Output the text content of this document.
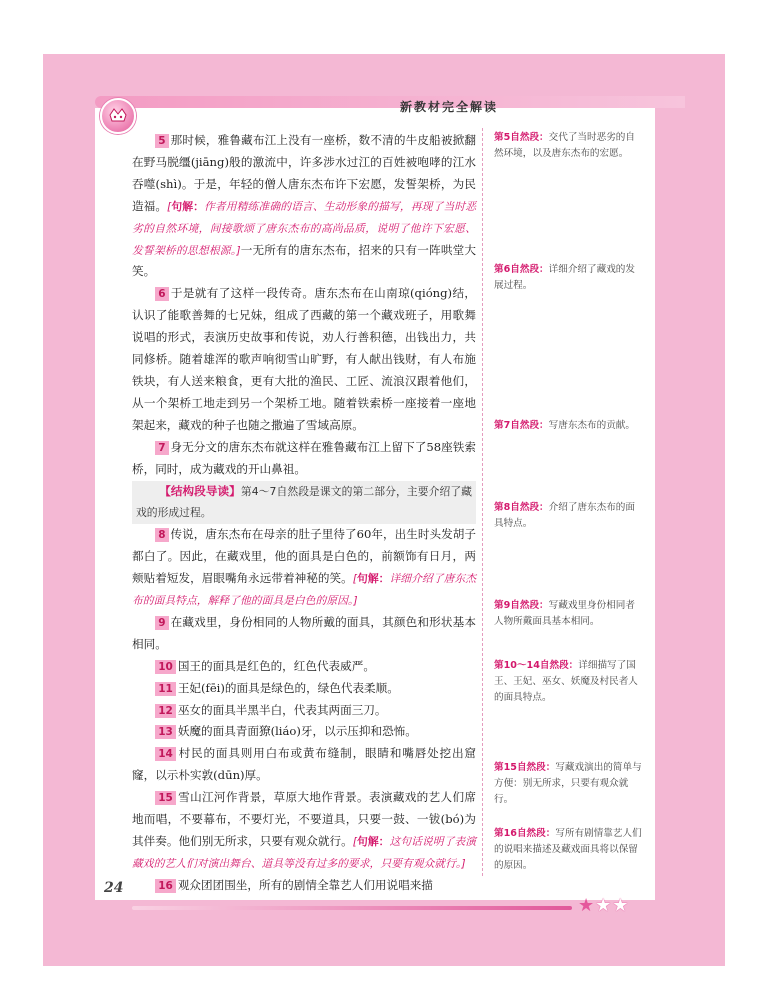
新教材完全解读

5 那时候，雅鲁藏布江上没有一座桥，数不清的牛皮船被掀翻在野马脱缰(jiāng)般的激流中，许多涉水过江的百姓被咆哮的江水吞噬(shì)。于是，年轻的僧人唐东杰布许下宏愿，发誓架桥，为民造福。[句解：作者用精练准确的语言、生动形象的描写，再现了当时恶劣的自然环境，间接歌颂了唐东杰布的高尚品质，说明了他许下宏愿、发誓架桥的思想根源。]一无所有的唐东杰布，招来的只有一阵哄堂大笑。

6 于是就有了这样一段传奇。唐东杰布在山南琼(qióng)结，认识了能歌善舞的七兄妹，组成了西藏的第一个藏戏班子，用歌舞说唱的形式，表演历史故事和传说，劝人行善积德，出钱出力，共同修桥。随着雄浑的歌声响彻雪山旷野，有人献出钱财，有人布施铁块，有人送来粮食，更有大批的渔民、工匠、流浪汉跟着他们，从一个架桥工地走到另一个架桥工地。随着铁索桥一座接着一座地架起来，藏戏的种子也随之撒遍了雪域高原。

7 身无分文的唐东杰布就这样在雅鲁藏布江上留下了58座铁索桥，同时，成为藏戏的开山鼻祖。

【结构段导读】第4～7自然段是课文的第二部分，主要介绍了藏戏的形成过程。

8 传说，唐东杰布在母亲的肚子里待了60年，出生时头发胡子都白了。因此，在藏戏里，他的面具是白色的，前额饰有日月，两颊贴着短发，眉眼嘴角永远带着神秘的笑。[句解：详细介绍了唐东杰布的面具特点，解释了他的面具是白色的原因。]

9 在藏戏里，身份相同的人物所戴的面具，其颜色和形状基本相同。

10 国王的面具是红色的，红色代表威严。

11 王妃(fēi)的面具是绿色的，绿色代表柔顺。

12 巫女的面具半黑半白，代表其两面三刀。

13 妖魔的面具青面獠(liáo)牙，以示压抑和恐怖。

14 村民的面具则用白布或黄布缝制，眼睛和嘴唇处挖出窟窿，以示朴实敦(dūn)厚。

15 雪山江河作背景，草原大地作背景。表演藏戏的艺人们席地而唱，不要幕布，不要灯光，不要道具，只要一鼓、一钹(bó)为其伴奏。他们别无所求，只要有观众就行。[句解：这句话说明了表演藏戏的艺人们对演出舞台、道具等没有过多的要求，只要有观众就行。]

16 观众团团围坐，所有的剧情全靠艺人们用说唱来描

第5自然段：交代了当时恶劣的自然环境，以及唐东杰布的宏愿。
第6自然段：详细介绍了藏戏的发展过程。
第7自然段：写唐东杰布的贡献。
第8自然段：介绍了唐东杰布的面具特点。
第9自然段：写藏戏里身份相同者人物所戴面具基本相同。
第10～14自然段：详细描写了国王、王妃、巫女、妖魔及村民者人的面具特点。
第15自然段：写藏戏演出的简单与方便：别无所求，只要有观众就行。
第16自然段：写所有剧情靠艺人们的说唱来描述及藏戏面具将以保留的原因。
24
★★★
